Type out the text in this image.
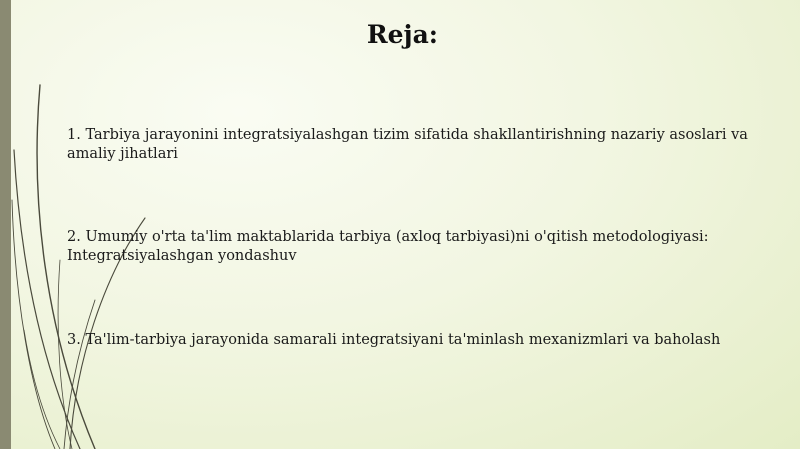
Reja:

1. Tarbiya jarayonini integratsiyalashgan tizim sifatida shakllantirishning nazariy asoslari va amaliy jihatlari

2. Umumiy o'rta ta'lim maktablarida tarbiya (axloq tarbiyasi)ni o'qitish metodologiyasi: Integratsiyalashgan yondashuv

3. Ta'lim-tarbiya jarayonida samarali integratsiyani ta'minlash mexanizmlari va baholash
